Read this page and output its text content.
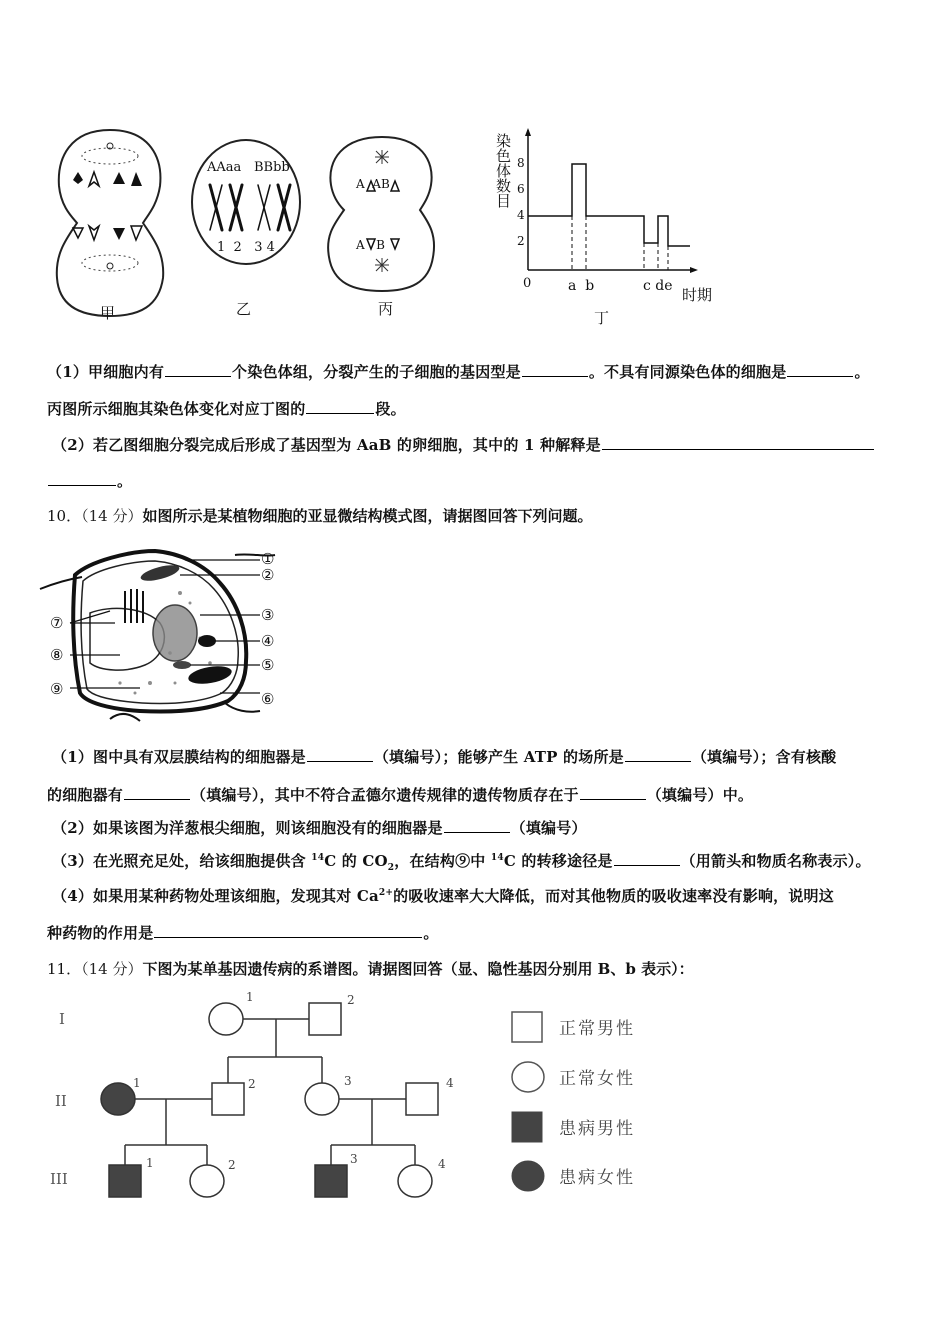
甲
AAaa BBbb
1  2   3 4
乙
A  AB
A   B
丙
染色体数目 8
6
4
2
0	a  b	c de 时期
丁
（1）甲细胞内有	个染色体组，分裂产生的子细胞的基因型是	。不具有同源染色体的细胞是	。
丙图所示细胞其染色体变化对应丁图的	段。
（2）若乙图细胞分裂完成后形成了基因型为 AaB 的卵细胞，其中的 1 种解释是
。
10．（14 分）如图所示是某植物细胞的亚显微结构模式图，请据图回答下列问题。
①
②
③
④
⑤
⑥
⑦
⑧
⑨
（1）图中具有双层膜结构的细胞器是	（填编号）；能够产生 ATP 的场所是	（填编号）；含有核酸
的细胞器有	（填编号），其中不符合孟德尔遗传规律的遗传物质存在于	（填编号）中。
（2）如果该图为洋葱根尖细胞，则该细胞没有的细胞器是	（填编号）
（3）在光照充足处，给该细胞提供含 $^{14}$C 的 $CO_2$，在结构⑨中 $^{14}$C 的转移途径是	（用箭头和物质名称表示）。
（4）如果用某种药物处理该细胞，发现其对 $Ca^{2+}$的吸收速率大大降低，而对其他物质的吸收速率没有影响，说明这
种药物的作用是	。
11．（14 分）下图为某单基因遗传病的系谱图。请据图回答（显、隐性基因分别用 B、b 表示）：
I
II
III
1	2
1	2	3	4
1	2	3	4
正常男性
正常女性
患病男性
患病女性
